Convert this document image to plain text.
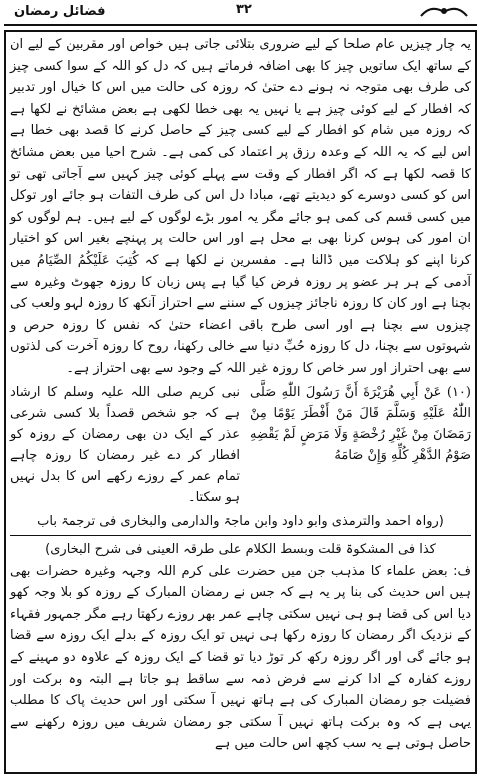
۳۲
فضائل رمضان

یہ چار چیزیں عام صلحا کے لیے ضروری بتلائی جاتی ہیں خواص اور مقربین کے لیے ان کے ساتھ ایک ساتویں چیز کا بھی اضافہ فرماتے ہیں کہ دل کو اللہ کے سوا کسی چیز کی طرف بھی متوجہ نہ ہونے دے حتیٰ کہ روزہ کی حالت میں اس کا خیال اور تدبیر کہ افطار کے لیے کوئی چیز ہے یا نہیں یہ بھی خطا لکھی ہے بعض مشائخ نے لکھا ہے کہ روزہ میں شام کو افطار کے لیے کسی چیز کے حاصل کرنے کا قصد بھی خطا ہے اس لیے کہ یہ اللہ کے وعدہ رزق پر اعتماد کی کمی ہے۔ شرح احیا میں بعض مشائخ کا قصہ لکھا ہے کہ اگر افطار کے وقت سے پہلے کوئی چیز کہیں سے آجاتی تھی تو اس کو کسی دوسرے کو دیدیتے تھے، مبادا دل اس کی طرف التفات ہو جائے اور توکل میں کسی قسم کی کمی ہو جائے مگر یہ امور بڑے لوگوں کے لیے ہیں۔ ہم لوگوں کو ان امور کی ہوس کرنا بھی بے محل ہے اور اس حالت پر پہنچے بغیر اس کو اختیار کرنا اپنے کو ہلاکت میں ڈالنا ہے۔ مفسرین نے لکھا ہے کہ كُتِبَ عَلَيْكُمُ الصِّيَامُ میں آدمی کے ہر ہر عضو پر روزہ فرض کیا گیا ہے پس زبان کا روزہ جھوٹ وغیرہ سے بچنا ہے اور کان کا روزہ ناجائز چیزوں کے سننے سے احتراز آنکھ کا روزہ لہو ولعب کی چیزوں سے بچنا ہے اور اسی طرح باقی اعضاء حتیٰ کہ نفس کا روزہ حرص و شہوتوں سے بچنا، دل کا روزہ حُبِّ دنیا سے خالی رکھنا، روح کا روزہ آخرت کی لذتوں سے بھی احتراز اور سر خاص کا روزہ غیر اللہ کے وجود سے بھی احتراز ہے۔

(۱۰) عَنْ أَبِي هُرَيْرَةَ أَنَّ رَسُولَ اللّٰهِ صَلَّى اللّٰهُ عَلَيْهِ وَسَلَّمَ قَالَ مَنْ أَفْطَرَ يَوْمًا مِنْ رَمَضَانَ مِنْ غَيْرِ رُخْصَةٍ وَلَا مَرَضٍ لَمْ يَقْضِهِ صَوْمُ الدَّهْرِ كُلِّهِ وَإِنْ صَامَهُ
نبی کریم صلی اللہ علیہ وسلم کا ارشاد ہے کہ جو شخص قصداً بلا کسی شرعی عذر کے ایک دن بھی رمضان کے روزہ کو افطار کر دے غیر رمضان کا روزہ چاہے تمام عمر کے روزے رکھے اس کا بدل نہیں ہو سکتا۔
(رواہ احمد والترمذی وابو داود وابن ماجۃ والدارمی والبخاری فی ترجمۃ باب
کذا فی المشکوۃ قلت وبسط الکلام علی طرقہ العینی فی شرح البخاری)

ف: بعض علماء کا مذہب جن میں حضرت علی کرم اللہ وجہہ وغیرہ حضرات بھی ہیں اس حدیث کی بنا پر یہ ہے کہ جس نے رمضان المبارک کے روزہ کو بلا وجہ کھو دیا اس کی قضا ہو ہی نہیں سکتی چاہے عمر بھر روزے رکھتا رہے مگر جمہور فقہاء کے نزدیک اگر رمضان کا روزہ رکھا ہی نہیں تو ایک روزہ کے بدلے ایک روزہ سے قضا ہو جائے گی اور اگر روزہ رکھ کر توڑ دیا تو قضا کے ایک روزہ کے علاوہ دو مہینے کے روزے کفارہ کے ادا کرنے سے فرض ذمہ سے ساقط ہو جاتا ہے البتہ وہ برکت اور فضیلت جو رمضان المبارک کی ہے ہاتھ نہیں آ سکتی اور اس حدیث پاک کا مطلب یہی ہے کہ وہ برکت ہاتھ نہیں آ سکتی جو رمضان شریف میں روزہ رکھنے سے حاصل ہوتی ہے یہ سب کچھ اس حالت میں ہے
